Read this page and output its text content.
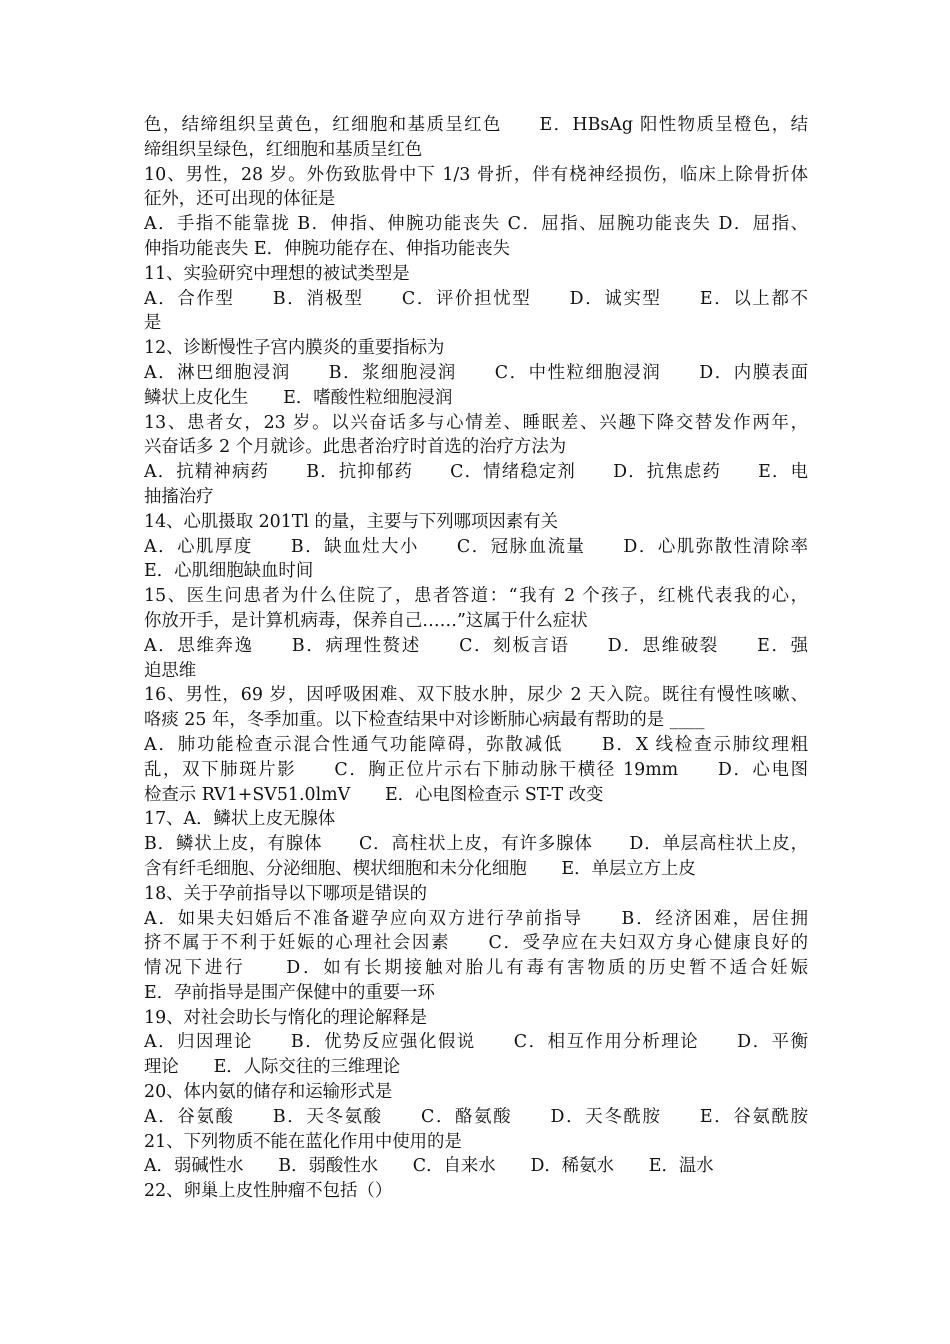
色，结缔组织呈黄色，红细胞和基质呈红色　　E．HBsAg 阳性物质呈橙色，结
缔组织呈绿色，红细胞和基质呈红色
10、男性，28 岁。外伤致肱骨中下 1/3 骨折，伴有桡神经损伤，临床上除骨折体
征外，还可出现的体征是
A．手指不能靠拢 B．伸指、伸腕功能丧失 C．屈指、屈腕功能丧失 D．屈指、
伸指功能丧失 E．伸腕功能存在、伸指功能丧失
11、实验研究中理想的被试类型是
A．合作型　　B．消极型　　C．评价担忧型　　D．诚实型　　E．以上都不
是
12、诊断慢性子宫内膜炎的重要指标为
A．淋巴细胞浸润　　B．浆细胞浸润　　C．中性粒细胞浸润　　D．内膜表面
鳞状上皮化生　　E．嗜酸性粒细胞浸润
13、患者女，23 岁。以兴奋话多与心情差、睡眠差、兴趣下降交替发作两年，
兴奋话多 2 个月就诊。此患者治疗时首选的治疗方法为
A．抗精神病药　　B．抗抑郁药　　C．情绪稳定剂　　D．抗焦虑药　　E．电
抽搐治疗
14、心肌摄取 201Tl 的量，主要与下列哪项因素有关
A．心肌厚度　　B．缺血灶大小　　C．冠脉血流量　　D．心肌弥散性清除率
E．心肌细胞缺血时间
15、医生问患者为什么住院了，患者答道：“我有 2 个孩子，红桃代表我的心，
你放开手，是计算机病毒，保养自己……”这属于什么症状
A．思维奔逸　　B．病理性赘述　　C．刻板言语　　D．思维破裂　　E．强
迫思维
16、男性，69 岁，因呼吸困难、双下肢水肿，尿少 2 天入院。既往有慢性咳嗽、
咯痰 25 年，冬季加重。以下检查结果中对诊断肺心病最有帮助的是 ____
A．肺功能检查示混合性通气功能障碍，弥散减低　　B．X 线检查示肺纹理粗
乱，双下肺斑片影　　C．胸正位片示右下肺动脉干横径 19mm　　D．心电图
检查示 RV1+SV51.0lmV　　E．心电图检查示 ST-T 改变
17、A．鳞状上皮无腺体
B．鳞状上皮，有腺体　　C．高柱状上皮，有许多腺体　　D．单层高柱状上皮，
含有纤毛细胞、分泌细胞、楔状细胞和未分化细胞　　E．单层立方上皮
18、关于孕前指导以下哪项是错误的
A．如果夫妇婚后不准备避孕应向双方进行孕前指导　　B．经济困难，居住拥
挤不属于不利于妊娠的心理社会因素　　C．受孕应在夫妇双方身心健康良好的
情况下进行　　D．如有长期接触对胎儿有毒有害物质的历史暂不适合妊娠
E．孕前指导是围产保健中的重要一环
19、对社会助长与惰化的理论解释是
A．归因理论　　B．优势反应强化假说　　C．相互作用分析理论　　D．平衡
理论　　E．人际交往的三维理论
20、体内氨的储存和运输形式是
A．谷氨酸　　B．天冬氨酸　　C．酪氨酸　　D．天冬酰胺　　E．谷氨酰胺
21、下列物质不能在蓝化作用中使用的是
A．弱碱性水　　B．弱酸性水　　C．自来水　　D．稀氨水　　E．温水
22、卵巢上皮性肿瘤不包括（）
